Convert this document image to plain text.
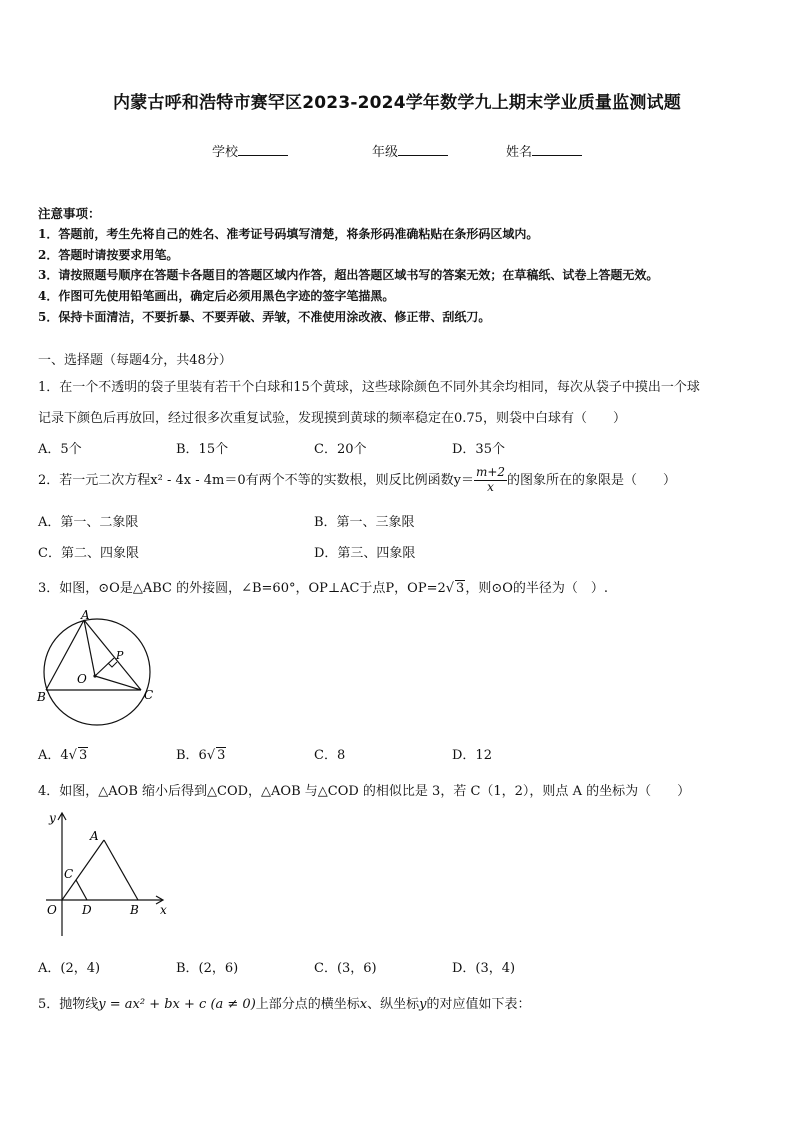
内蒙古呼和浩特市赛罕区2023-2024学年数学九上期末学业质量监测试题
学校	年级	姓名
注意事项：
1．答题前，考生先将自己的姓名、准考证号码填写清楚，将条形码准确粘贴在条形码区域内。
2．答题时请按要求用笔。
3．请按照题号顺序在答题卡各题目的答题区域内作答，超出答题区域书写的答案无效；在草稿纸、试卷上答题无效。
4．作图可先使用铅笔画出，确定后必须用黑色字迹的签字笔描黑。
5．保持卡面清洁，不要折暴、不要弄破、弄皱，不准使用涂改液、修正带、刮纸刀。
一、选择题（每题4分，共48分）
1．在一个不透明的袋子里装有若干个白球和15个黄球，这些球除颜色不同外其余均相同，每次从袋子中摸出一个球
记录下颜色后再放回，经过很多次重复试验，发现摸到黄球的频率稳定在0.75，则袋中白球有（　　）
A．5个	B．15个	C．20个	D．35个
2．若一元二次方程x² - 4x - 4m＝0有两个不等的实数根，则反比例函数$y= \frac{m+2}{x}$ 的图象所在的象限是（　　）
A．第一、二象限	B．第一、三象限
C．第二、四象限	D．第三、四象限
3．如图，⊙O是△ABC 的外接圆，∠B=60°，OP⊥AC于点P，OP=2√ 3，则⊙O的半径为（　）.
A
B	C
O
P
A．4√ 3	B．6√ 3	C．8	D．12
4．如图，△AOB 缩小后得到△COD，△AOB 与△COD 的相似比是 3，若 C（1，2），则点 A 的坐标为（　　）
y
x
A
C
O D	B
A．(2，4)	B．(2，6)	C．(3，6)	D．(3，4)
5．抛物线y = ax² + bx + c (a ≠ 0)上部分点的横坐标x、纵坐标y的对应值如下表：
